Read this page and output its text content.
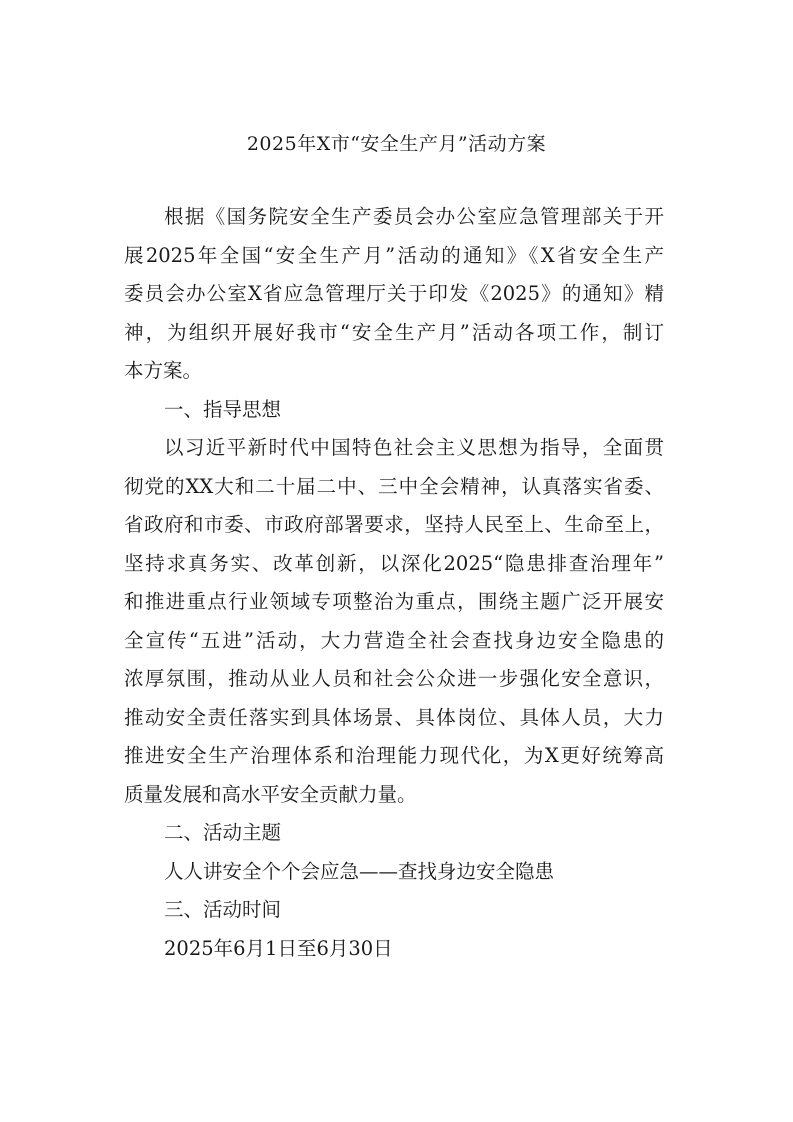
2025年X市“安全生产月”活动方案
根据《国务院安全生产委员会办公室应急管理部关于开
展2025年全国“安全生产月”活动的通知》《X省安全生产
委员会办公室X省应急管理厅关于印发《2025》的通知》精
神，为组织开展好我市“安全生产月”活动各项工作，制订
本方案。
一、指导思想
以习近平新时代中国特色社会主义思想为指导，全面贯
彻党的XX大和二十届二中、三中全会精神，认真落实省委、
省政府和市委、市政府部署要求，坚持人民至上、生命至上，
坚持求真务实、改革创新，以深化2025“隐患排查治理年”
和推进重点行业领域专项整治为重点，围绕主题广泛开展安
全宣传“五进”活动，大力营造全社会查找身边安全隐患的
浓厚氛围，推动从业人员和社会公众进一步强化安全意识，
推动安全责任落实到具体场景、具体岗位、具体人员，大力
推进安全生产治理体系和治理能力现代化，为X更好统筹高
质量发展和高水平安全贡献力量。
二、活动主题
人人讲安全个个会应急——查找身边安全隐患
三、活动时间
2025年6月1日至6月30日
